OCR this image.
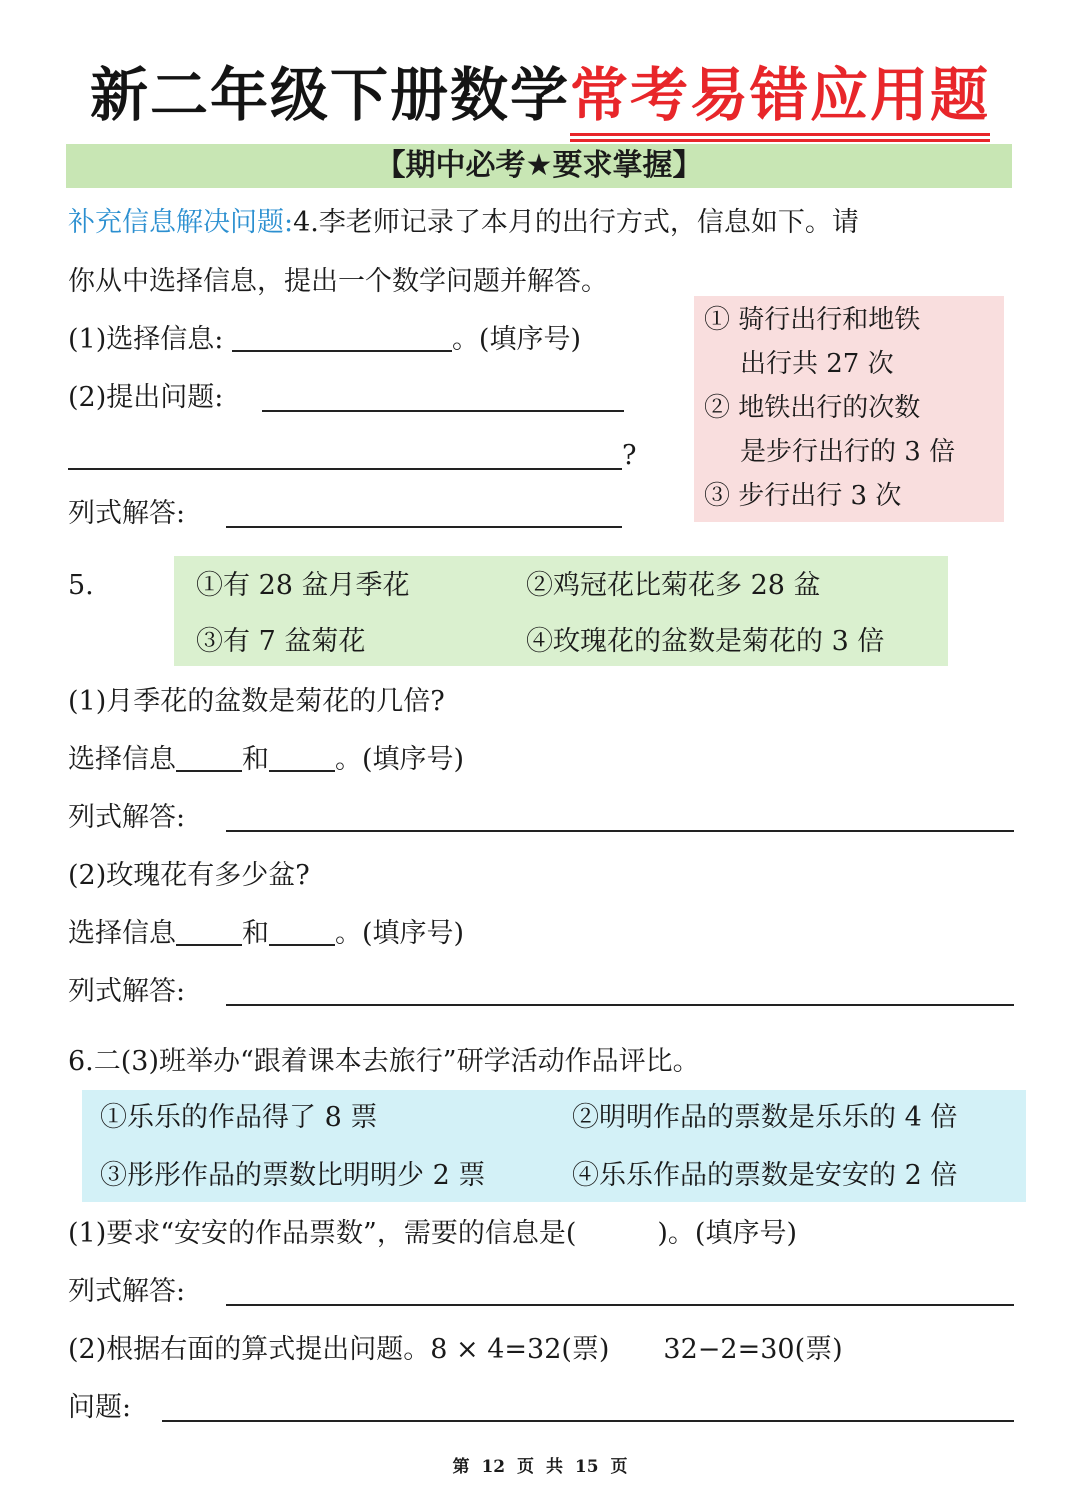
新二年级下册数学常考易错应用题
【期中必考★要求掌握】
补充信息解决问题:4.李老师记录了本月的出行方式，信息如下。请
你从中选择信息，提出一个数学问题并解答。
(1)选择信息:	。(填序号)
(2)提出问题:
?
列式解答:
① 骑行出行和地铁
出行共 27 次
② 地铁出行的次数
是步行出行的 3 倍
③ 步行出行 3 次
5.	①有 28 盆月季花	②鸡冠花比菊花多 28 盆
③有 7 盆菊花	④玫瑰花的盆数是菊花的 3 倍
(1)月季花的盆数是菊花的几倍?
选择信息 和 。(填序号)
列式解答:
(2)玫瑰花有多少盆?
选择信息 和 。(填序号)
列式解答:
6.二(3)班举办“跟着课本去旅行”研学活动作品评比。
①乐乐的作品得了 8 票	②明明作品的票数是乐乐的 4 倍
③彤彤作品的票数比明明少 2 票	④乐乐作品的票数是安安的 2 倍
(1)要求“安安的作品票数”，需要的信息是(　　　)。(填序号)
列式解答:
(2)根据右面的算式提出问题。8 × 4=32(票)　　32−2=30(票)
问题:
第 12 页 共 15 页
